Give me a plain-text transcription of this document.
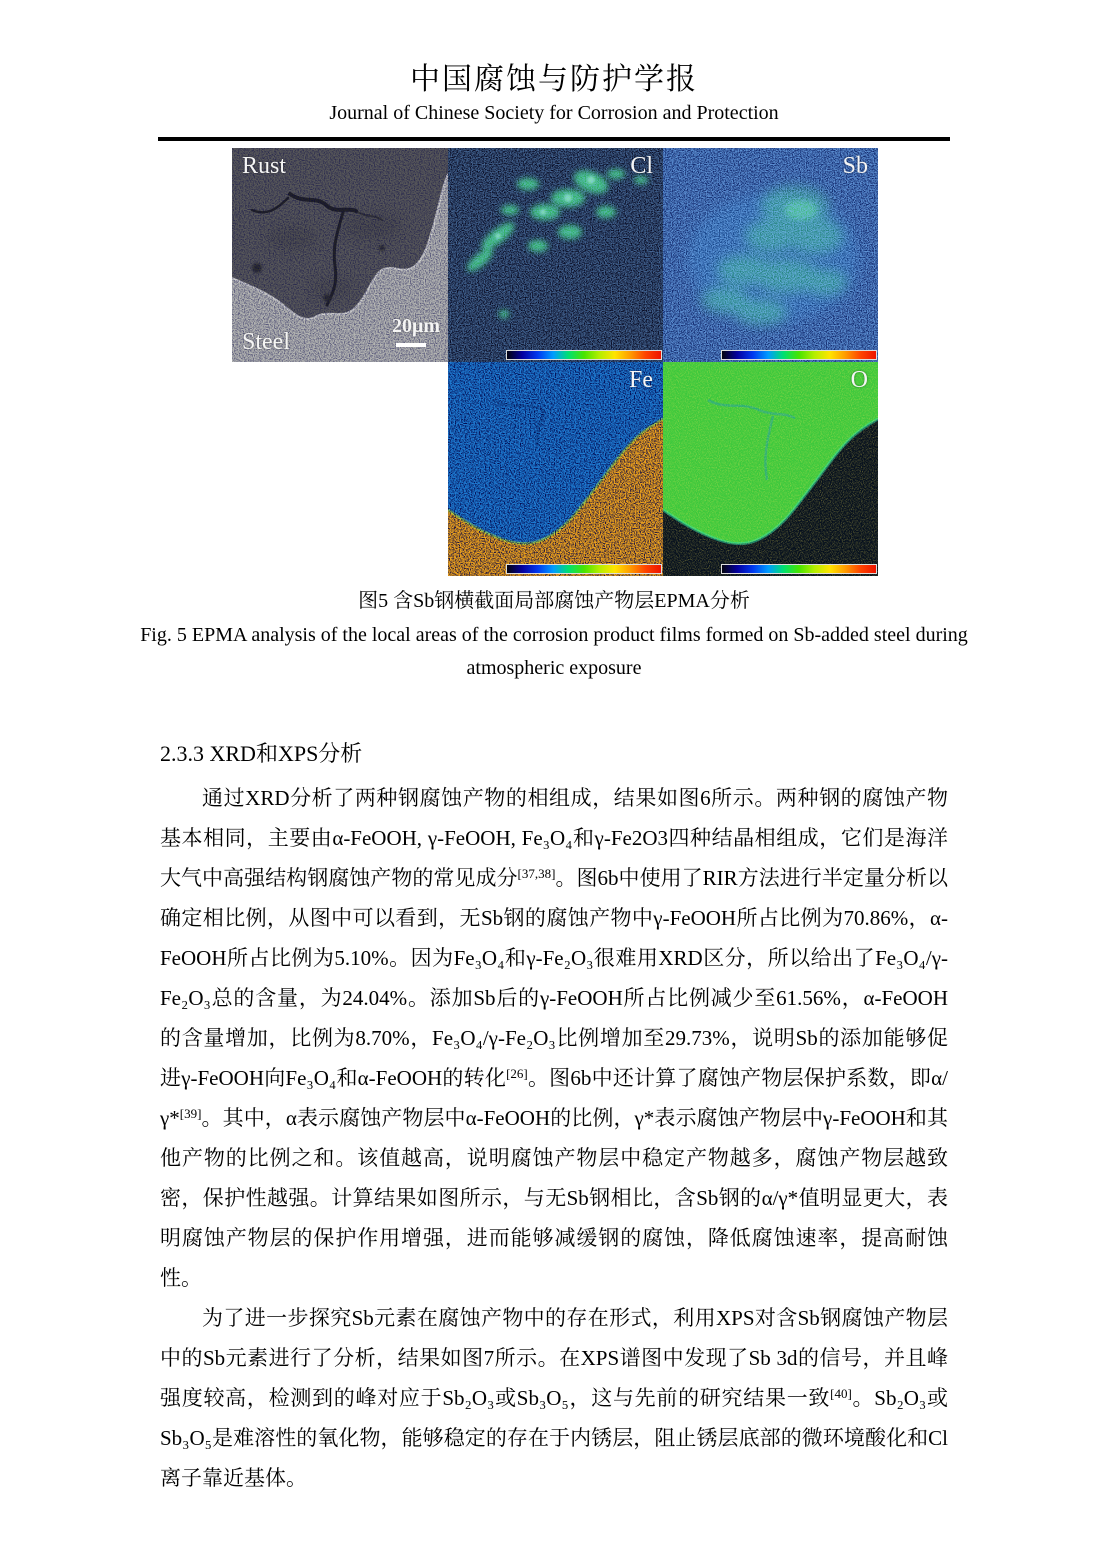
中国腐蚀与防护学报
Journal of Chinese Society for Corrosion and Protection
Rust
Steel
20μm
Cl	Sb
Fe	O
图5 含Sb钢横截面局部腐蚀产物层EPMA分析
Fig. 5 EPMA analysis of the local areas of the corrosion product films formed on Sb-added steel during atmospheric exposure
2.3.3 XRD和XPS分析

通过XRD分析了两种钢腐蚀产物的相组成，结果如图6所示。两种钢的腐蚀产物基本相同，主要由α-FeOOH, γ-FeOOH, Fe₃O₄和γ-Fe2O3四种结晶相组成，它们是海洋大气中高强结构钢腐蚀产物的常见成分[37,38]。图6b中使用了RIR方法进行半定量分析以确定相比例，从图中可以看到，无Sb钢的腐蚀产物中γ-FeOOH所占比例为70.86%，α-FeOOH所占比例为5.10%。因为Fe₃O₄和γ-Fe₂O₃很难用XRD区分，所以给出了Fe₃O₄/γ-Fe₂O₃总的含量，为24.04%。添加Sb后的γ-FeOOH所占比例减少至61.56%，α-FeOOH的含量增加，比例为8.70%，Fe₃O₄/γ-Fe₂O₃比例增加至29.73%，说明Sb的添加能够促进γ-FeOOH向Fe₃O₄和α-FeOOH的转化[26]。图6b中还计算了腐蚀产物层保护系数，即α/γ*[39]。其中，α表示腐蚀产物层中α-FeOOH的比例，γ*表示腐蚀产物层中γ-FeOOH和其他产物的比例之和。该值越高，说明腐蚀产物层中稳定产物越多，腐蚀产物层越致密，保护性越强。计算结果如图所示，与无Sb钢相比，含Sb钢的α/γ*值明显更大，表明腐蚀产物层的保护作用增强，进而能够减缓钢的腐蚀，降低腐蚀速率，提高耐蚀性。

为了进一步探究Sb元素在腐蚀产物中的存在形式，利用XPS对含Sb钢腐蚀产物层中的Sb元素进行了分析，结果如图7所示。在XPS谱图中发现了Sb 3d的信号，并且峰强度较高，检测到的峰对应于Sb₂O₃或Sb₃O₅，这与先前的研究结果一致[40]。Sb₂O₃或Sb₃O₅是难溶性的氧化物，能够稳定的存在于内锈层，阻止锈层底部的微环境酸化和Cl离子靠近基体。
